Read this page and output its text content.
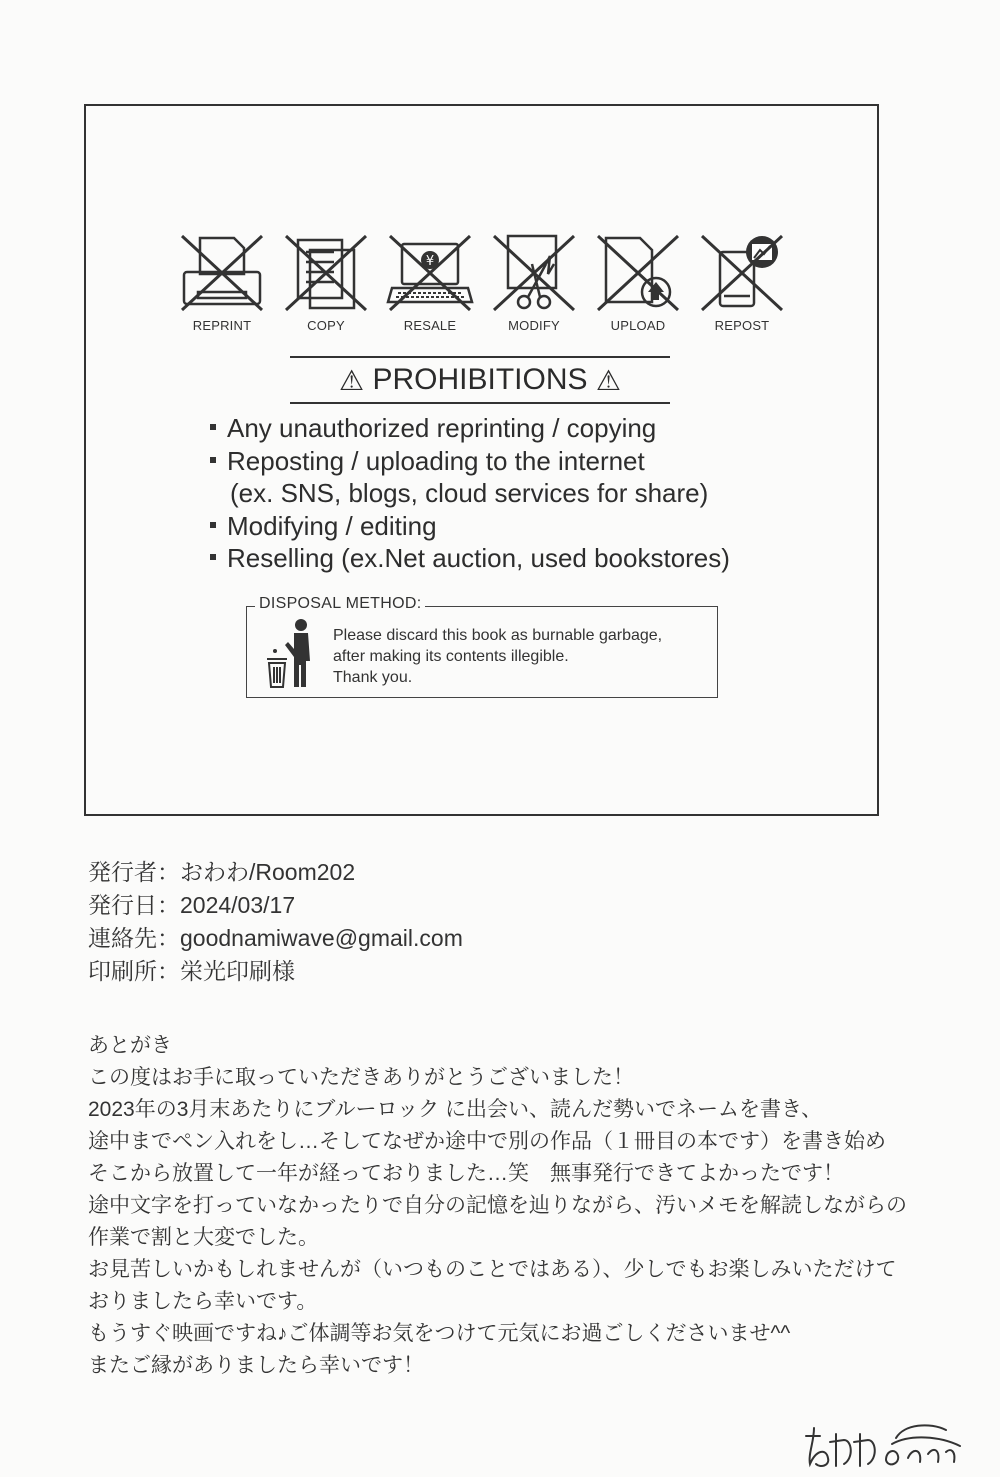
REPRINT	COPY
¥
RESALE	MODIFY	UPLOAD	REPOST
⚠ PROHIBITIONS ⚠
Any unauthorized reprinting / copying
Reposting / uploading to the internet
(ex. SNS, blogs, cloud services for share)
Modifying / editing
Reselling (ex.Net auction, used bookstores)
DISPOSAL METHOD:
Please discard this book as burnable garbage,
after making its contents illegible.
Thank you.
発行者：おわわ/Room202
発行日：2024/03/17
連絡先：goodnamiwave@gmail.com
印刷所：栄光印刷様
あとがき
この度はお手に取っていただきありがとうございました！
2023年の3月末あたりにブルーロック に出会い、読んだ勢いでネームを書き、
途中までペン入れをし…そしてなぜか途中で別の作品（１冊目の本です）を書き始め
そこから放置して一年が経っておりました…笑　無事発行できてよかったです！
途中文字を打っていなかったりで自分の記憶を辿りながら、汚いメモを解読しながらの
作業で割と大変でした。
お見苦しいかもしれませんが（いつものことではある）、少しでもお楽しみいただけて
おりましたら幸いです。
もうすぐ映画ですね♪ご体調等お気をつけて元気にお過ごしくださいませ^^
またご縁がありましたら幸いです！
